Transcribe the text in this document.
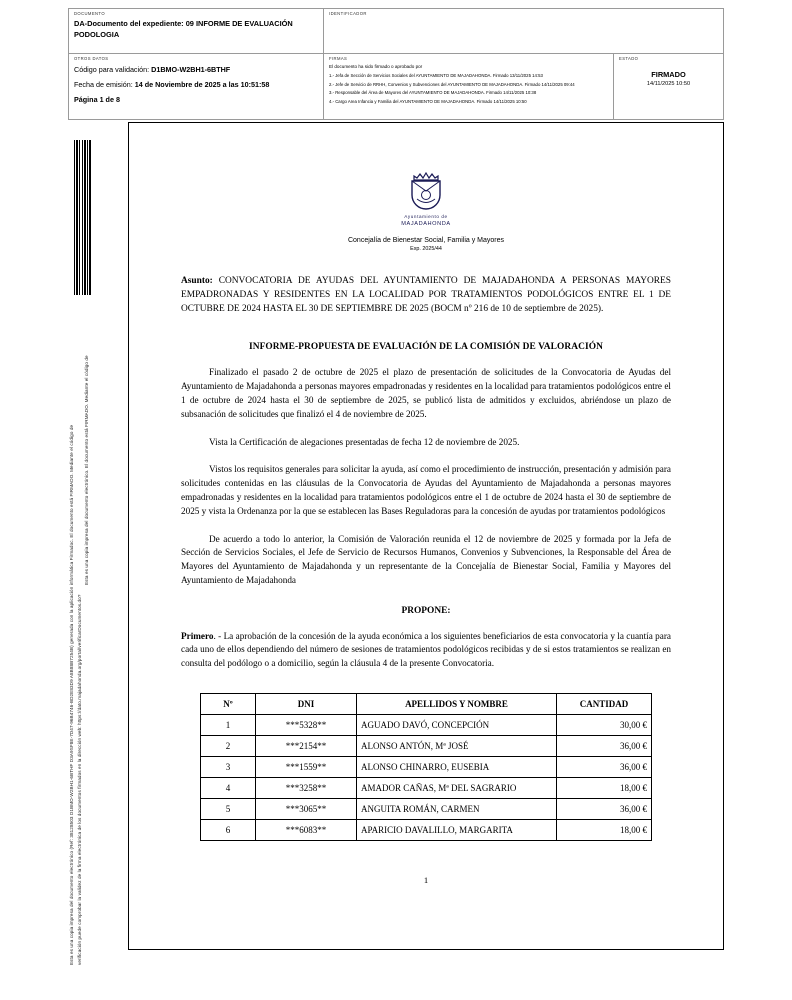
DOCUMENTO
DA-Documento del expediente: 09 INFORME DE EVALUACIÓN PODOLOGIA
IDENTIFICADOR
OTROS DATOS
Código para validación: D1BMO-W2BH1-6BTHF
Fecha de emisión: 14 de Noviembre de 2025 a las 10:51:58
Página 1 de 8
FIRMAS
El documento ha sido firmado o aprobado por
1.- Jefa de Sección de Servicios Sociales del AYUNTAMIENTO DE MAJADAHONDA. Firmado 13/11/2025 14:53
2.- Jefe de Servicio de RRHH, Convenios y Subvenciones del AYUNTAMIENTO DE MAJADAHONDA. Firmado 14/11/2025 09:44
3.- Responsable del Área de Mayores del AYUNTAMIENTO DE MAJADAHONDA. Firmado 14/11/2025 10:38
4.- Cargo Area Infancia y Familia del AYUNTAMIENTO DE MAJADAHONDA. Firmado 14/11/2025 10:50
ESTADO
FIRMADO
14/11/2025 10:50
Esta es una copia impresa del documento electrónico. El documento está FIRMADO. Mediante el código de
Esta es una copia impresa del documento electrónico (Ref: 38128503 D1BMO-W2BH1-6BTHF D3A9SF8E-7D47-96B4746-BD2E83D9 A8B88B7254B) generada con la aplicación informática Firmadoc. El documento está FIRMADO. Mediante el código de verificación puede comprobar la validez de la firma electrónica de los documentos firmados en la dirección web: https://dato.majadahonda.org/portal/verificarDocumentos.do?
Ayuntamiento de
MAJADAHONDA
Concejalía de Bienestar Social, Familia y Mayores
Exp. 2025/44
Asunto: CONVOCATORIA DE AYUDAS DEL AYUNTAMIENTO DE MAJADAHONDA A PERSONAS MAYORES EMPADRONADAS Y RESIDENTES EN LA LOCALIDAD POR TRATAMIENTOS PODOLÓGICOS ENTRE EL 1 DE OCTUBRE DE 2024 HASTA EL 30 DE SEPTIEMBRE DE 2025 (BOCM nº 216 de 10 de septiembre de 2025).
INFORME-PROPUESTA DE EVALUACIÓN DE LA COMISIÓN DE VALORACIÓN

Finalizado el pasado 2 de octubre de 2025 el plazo de presentación de solicitudes de la Convocatoria de Ayudas del Ayuntamiento de Majadahonda a personas mayores empadronadas y residentes en la localidad para tratamientos podológicos entre el 1 de octubre de 2024 hasta el 30 de septiembre de 2025, se publicó lista de admitidos y excluidos, abriéndose un plazo de subsanación de solicitudes que finalizó el 4 de noviembre de 2025.

Vista la Certificación de alegaciones presentadas de fecha 12 de noviembre de 2025.

Vistos los requisitos generales para solicitar la ayuda, así como el procedimiento de instrucción, presentación y admisión para solicitudes contenidas en las cláusulas de la Convocatoria de Ayudas del Ayuntamiento de Majadahonda a personas mayores empadronadas y residentes en la localidad para tratamientos podológicos entre el 1 de octubre de 2024 hasta el 30 de septiembre de 2025 y vista la Ordenanza por la que se establecen las Bases Reguladoras para la concesión de ayudas por tratamientos podológicos

De acuerdo a todo lo anterior, la Comisión de Valoración reunida el 12 de noviembre de 2025 y formada por la Jefa de Sección de Servicios Sociales, el Jefe de Servicio de Recursos Humanos, Convenios y Subvenciones, la Responsable del Área de Mayores del Ayuntamiento de Majadahonda y un representante de la Concejalía de Bienestar Social, Familia y Mayores del Ayuntamiento de Majadahonda

PROPONE:

Primero. - La aprobación de la concesión de la ayuda económica a los siguientes beneficiarios de esta convocatoria y la cuantía para cada uno de ellos dependiendo del número de sesiones de tratamientos podológicos recibidas y de si estos tratamientos se realizan en consulta del podólogo o a domicilio, según la cláusula 4 de la presente Convocatoria.

Nº	DNI	APELLIDOS Y NOMBRE	CANTIDAD
1	***5328**	AGUADO DAVÓ, CONCEPCIÓN	30,00 €
2	***2154**	ALONSO ANTÓN, Mª JOSÉ	36,00 €
3	***1559**	ALONSO CHINARRO, EUSEBIA	36,00 €
4	***3258**	AMADOR CAÑAS, Mª DEL SAGRARIO	18,00 €
5	***3065**	ANGUITA ROMÁN, CARMEN	36,00 €
6	***6083**	APARICIO DAVALILLO, MARGARITA	18,00 €
1
